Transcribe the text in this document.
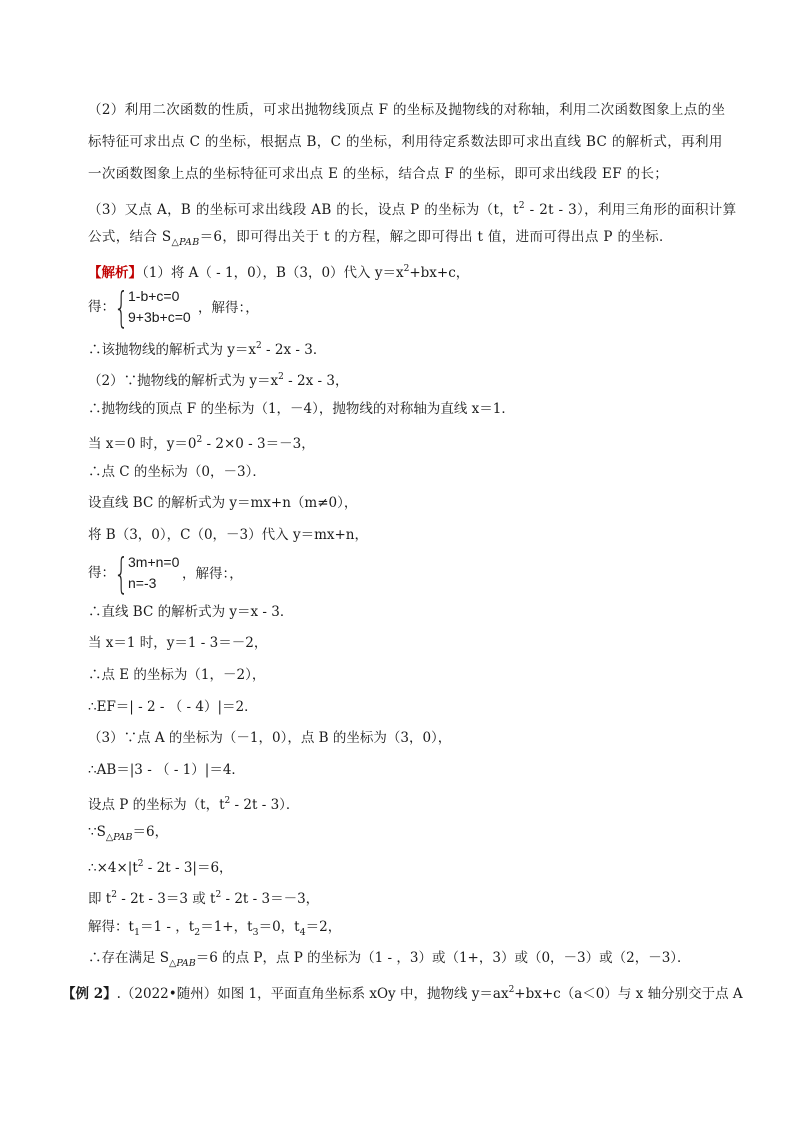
（2）利用二次函数的性质，可求出抛物线顶点 F 的坐标及抛物线的对称轴，利用二次函数图象上点的坐
标特征可求出点 C 的坐标，根据点 B，C 的坐标，利用待定系数法即可求出直线 BC 的解析式，再利用
一次函数图象上点的坐标特征可求出点 E 的坐标，结合点 F 的坐标，即可求出线段 EF 的长；
（3）又点 A，B 的坐标可求出线段 AB 的长，设点 P 的坐标为（t，$t^2 - 2t - 3$），利用三角形的面积计算
公式，结合 $S_{\triangle PAB}=6$，即可得出关于 t 的方程，解之即可得出 t 值，进而可得出点 P 的坐标．
【解析】（1）将 A（ - 1，0），B（3，0）代入 $y=x^2+bx+c$，
得： { 1-b+c=0
9+3b+c=0
，解得：，
∴该抛物线的解析式为 $y=x^2 - 2x - 3$．
（2）∵抛物线的解析式为 $y=x^2 - 2x - 3$，
∴抛物线的顶点 F 的坐标为（1，－4），抛物线的对称轴为直线 x＝1．
当 x＝0 时，$y=0^2 - 2\times 0 - 3=-3$，
∴点 C 的坐标为（0，－3）．
设直线 BC 的解析式为 y＝mx+n（m≠0），
将 B（3，0），C（0，－3）代入 y＝mx+n，
得： { 3m+n=0
n=-3
，解得：，
∴直线 BC 的解析式为 y＝x - 3．
当 x＝1 时，y＝1 - 3＝－2，
∴点 E 的坐标为（1，－2），
∴EF＝| - 2 - （ - 4）|＝2．
（3）∵点 A 的坐标为（－1，0），点 B 的坐标为（3，0），
∴AB＝|3 - （ - 1）|＝4．
设点 P 的坐标为（t，$t^2 - 2t - 3$）．
$\because S_{\triangle PAB}=6$，
$\therefore\times 4\times|t^2 - 2t - 3|=6$，
即 $t^2 - 2t - 3=3$ 或 $t^2 - 2t - 3=-3$，
解得：$t_1=1$ - ，$t_2=1+$，$t_3=0$，$t_4=2$，
∴存在满足 $S_{\triangle PAB}=6$ 的点 P，点 P 的坐标为（1 - ，3）或（1+，3）或（0，－3）或（2，－3）．
【例 2】.（2022•随州）如图 1，平面直角坐标系 xOy 中，抛物线 $y=ax^2+bx+c(a<0)$与 x 轴分别交于点 A
